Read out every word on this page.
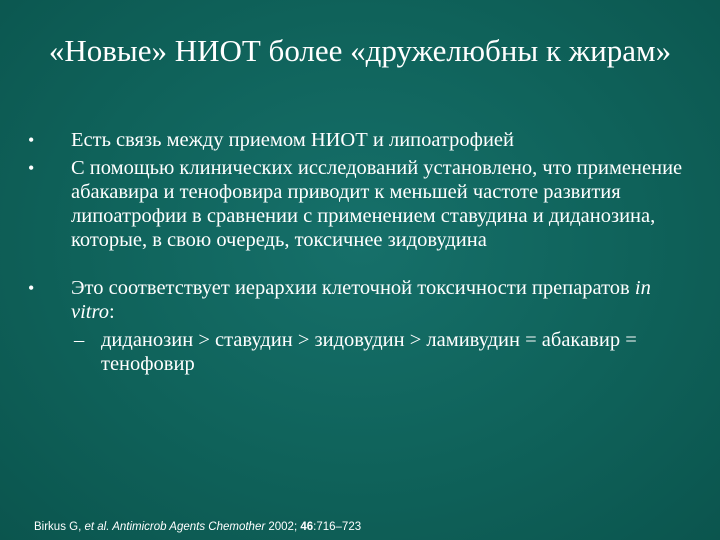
«Новые» НИОТ более «дружелюбны к жирам»
• Есть связь между приемом НИОТ и липоатрофией
• С помощью клинических исследований установлено, что применение абакавира и тенофовира приводит к меньшей частоте развития липоатрофии в сравнении с применением ставудина и диданозина, которые, в свою очередь, токсичнее зидовудина
• Это соответствует иерархии клеточной токсичности препаратов in vitro:
– диданозин > ставудин > зидовудин > ламивудин = абакавир = тенофовир
Birkus G, et al. Antimicrob Agents Chemother 2002; 46:716–723
